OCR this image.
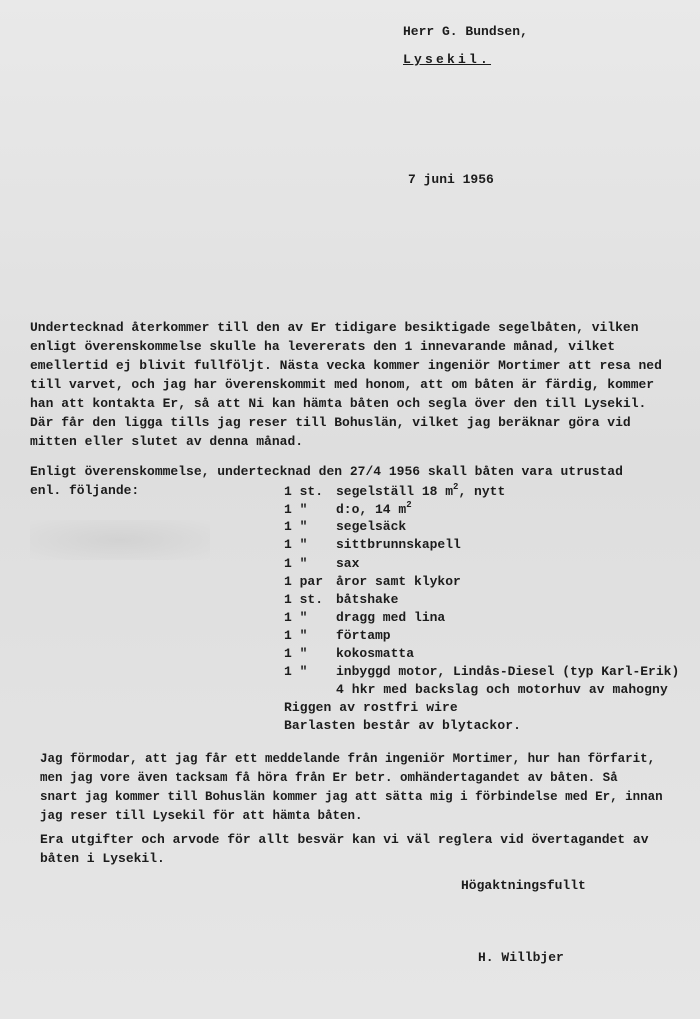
Herr G. Bundsen,
Lysekil.
7 juni 1956
Undertecknad återkommer till den av Er tidigare besiktigade segelbåten, vilken
enligt överenskommelse skulle ha levererats den 1 innevarande månad, vilket
emellertid ej blivit fullföljt. Nästa vecka kommer ingeniör Mortimer att resa ned
till varvet, och jag har överenskommit med honom, att om båten är färdig, kommer
han att kontakta Er, så att Ni kan hämta båten och segla över den till Lysekil.
Där får den ligga tills jag reser till Bohuslän, vilket jag beräknar göra vid
mitten eller slutet av denna månad.
Enligt överenskommelse, undertecknad den 27/4 1956 skall båten vara utrustad
enl. följande:	1 st. segelställ 18 $m^2$, nytt
1 " d:o, 14 $m^2$
1 " segelsäck
1 " sittbrunnskapell
1 " sax
1 par åror samt klykor
1 st. båtshake
1 " dragg med lina
1 " förtamp
1 " kokosmatta
1 " inbyggd motor, Lindås-Diesel (typ Karl-Erik)
4 hkr med backslag och motorhuv av mahogny
Riggen av rostfri wire
Barlasten består av blytackor.
Jag förmodar, att jag får ett meddelande från ingeniör Mortimer, hur han förfarit,
men jag vore även tacksam få höra från Er betr. omhändertagandet av båten. Så
snart jag kommer till Bohuslän kommer jag att sätta mig i förbindelse med Er, innan
jag reser till Lysekil för att hämta båten.
Era utgifter och arvode för allt besvär kan vi väl reglera vid övertagandet av
båten i Lysekil.
Högaktningsfullt
H. Willbjer
